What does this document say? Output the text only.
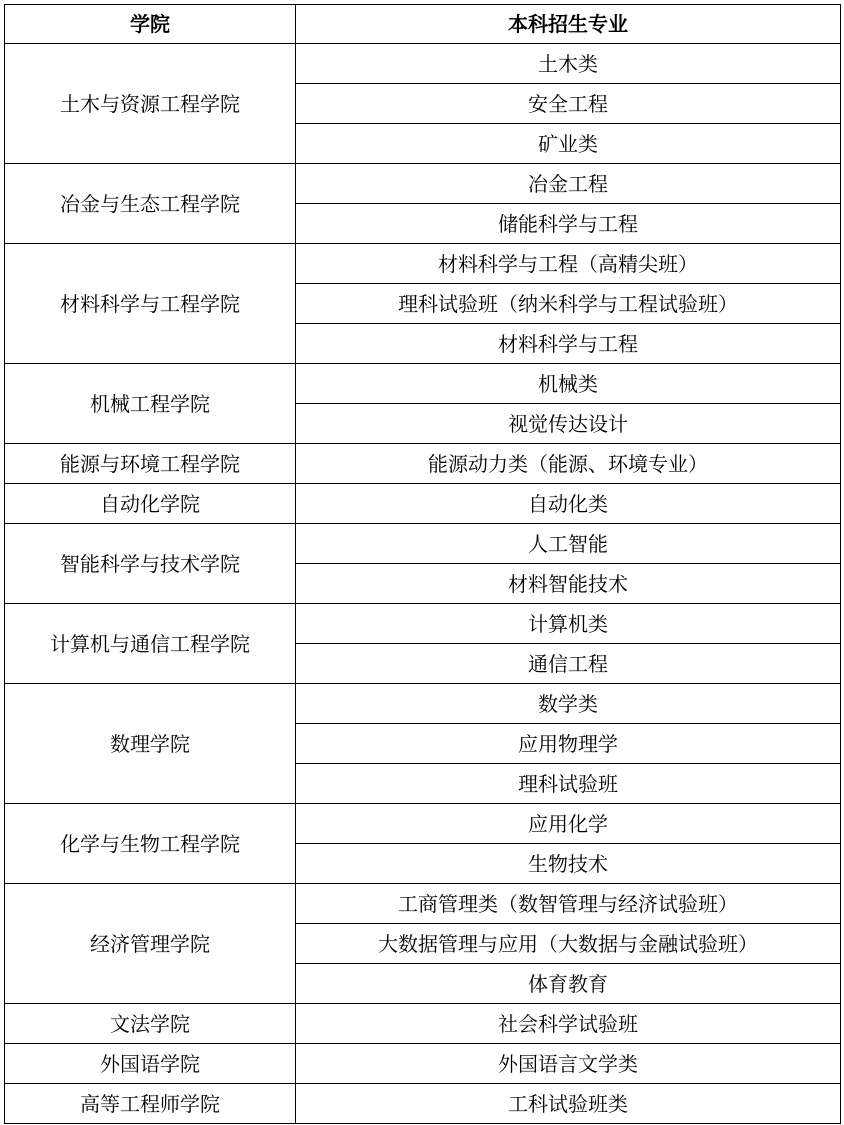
学院	本科招生专业
土木与资源工程学院	土木类
	安全工程
	矿业类
冶金与生态工程学院	冶金工程
	储能科学与工程
材料科学与工程学院	材料科学与工程（高精尖班）
	理科试验班（纳米科学与工程试验班）
	材料科学与工程
机械工程学院	机械类
	视觉传达设计
能源与环境工程学院	能源动力类（能源、环境专业）
自动化学院	自动化类
智能科学与技术学院	人工智能
	材料智能技术
计算机与通信工程学院	计算机类
	通信工程
数理学院	数学类
	应用物理学
	理科试验班
化学与生物工程学院	应用化学
	生物技术
经济管理学院	工商管理类（数智管理与经济试验班）
	大数据管理与应用（大数据与金融试验班）
	体育教育
文法学院	社会科学试验班
外国语学院	外国语言文学类
高等工程师学院	工科试验班类
